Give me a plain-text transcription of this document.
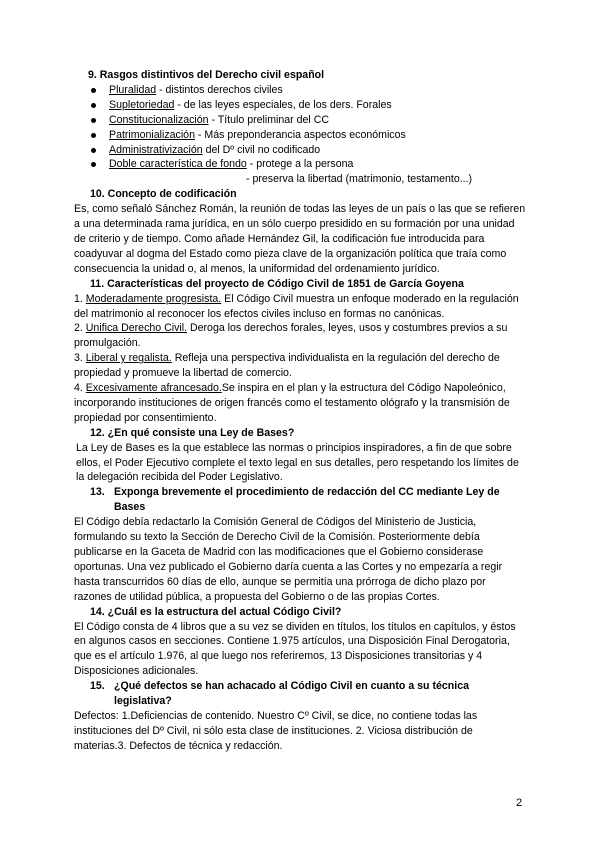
9. Rasgos distintivos del Derecho civil español
Pluralidad - distintos derechos civiles
Supletoriedad - de las leyes especiales, de los ders. Forales
Constitucionalización - Título preliminar del CC
Patrimonialización - Más preponderancia aspectos económicos
Administrativización del Dº civil no codificado
Doble característica de fondo - protege a la persona
- preserva la libertad (matrimonio, testamento...)
10. Concepto de codificación

Es, como señaló Sánchez Román, la reunión de todas las leyes de un país o las que se refieren a una determinada rama jurídica, en un sólo cuerpo presidido en su formación por una unidad de criterio y de tiempo. Como añade Hernández Gil, la codificación fue introducida para coadyuvar al dogma del Estado como pieza clave de la organización política que traía como consecuencia la unidad o, al menos, la uniformidad del ordenamiento jurídico.

11. Características del proyecto de Código Civil de 1851 de García Goyena

1. Moderadamente progresista. El Código Civil muestra un enfoque moderado en la regulación del matrimonio al reconocer los efectos civiles incluso en formas no canónicas.

2. Unifica Derecho Civil. Deroga los derechos forales, leyes, usos y costumbres previos a su promulgación.

3. Liberal y regalista. Refleja una perspectiva individualista en la regulación del derecho de propiedad y promueve la libertad de comercio.

4. Excesivamente afrancesado.Se inspira en el plan y la estructura del Código Napoleónico, incorporando instituciones de origen francés como el testamento ológrafo y la transmisión de propiedad por consentimiento.

12. ¿En qué consiste una Ley de Bases?

La Ley de Bases es la que establece las normas o principios inspiradores, a fin de que sobre ellos, el Poder Ejecutivo complete el texto legal en sus detalles, pero respetando los límites de la delegación recibida del Poder Legislativo.

13. Exponga brevemente el procedimiento de redacción del CC mediante Ley de Bases

El Código debía redactarlo la Comisión General de Códigos del Ministerio de Justicia, formulando su texto la Sección de Derecho Civil de la Comisión. Posteriormente debía publicarse en la Gaceta de Madrid con las modificaciones que el Gobierno considerase oportunas. Una vez publicado el Gobierno daría cuenta a las Cortes y no empezaría a regir hasta transcurridos 60 días de ello, aunque se permitía una prórroga de dicho plazo por razones de utilidad pública, a propuesta del Gobierno o de las propias Cortes.

14. ¿Cuál es la estructura del actual Código Civil?

El Código consta de 4 libros que a su vez se dividen en títulos, los títulos en capítulos, y éstos en algunos casos en secciones. Contiene 1.975 artículos, una Disposición Final Derogatoria, que es el artículo 1.976, al que luego nos referiremos, 13 Disposiciones transitorias y 4 Disposiciones adicionales.

15. ¿Qué defectos se han achacado al Código Civil en cuanto a su técnica legislativa?

Defectos: 1.Deficiencias de contenido. Nuestro Cº Civil, se dice, no contiene todas las instituciones del Dº Civil, ni sólo esta clase de instituciones. 2. Viciosa distribución de materias.3. Defectos de técnica y redacción.

2
